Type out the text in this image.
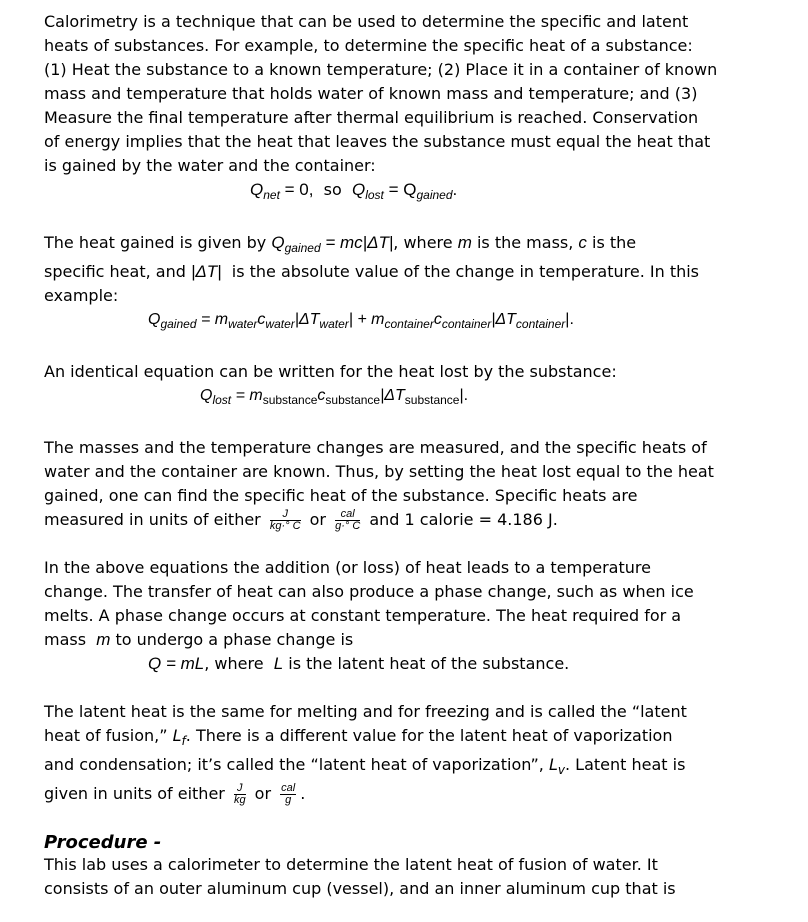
Calorimetry is a technique that can be used to determine the specific and latent

heats of substances. For example, to determine the specific heat of a substance:

(1) Heat the substance to a known temperature; (2) Place it in a container of known

mass and temperature that holds water of known mass and temperature; and (3)

Measure the final temperature after thermal equilibrium is reached. Conservation

of energy implies that the heat that leaves the substance must equal the heat that

is gained by the water and the container:

$Q_{net} = 0$,  so  $Q_{lost} = Q_{gained}$.

The heat gained is given by $Q_{gained} = mc|\Delta T|$, where m is the mass, c is the

specific heat, and |ΔT|  is the absolute value of the change in temperature. In this

example:

$Q_{gained} = m_{water}c_{water}|\Delta T_{water}| + m_{container}c_{container}|\Delta T_{container}|$.

An identical equation can be written for the heat lost by the substance:

$Q_{lost} = m_{substance}c_{substance}|\Delta T_{substance}|$.

The masses and the temperature changes are measured, and the specific heats of

water and the container are known. Thus, by setting the heat lost equal to the heat

gained, one can find the specific heat of the substance. Specific heats are

measured in units of either $\frac{J}{kg\cdot^\circ C}$ or $\frac{\text{cal}}{g\cdot^\circ C}$ and 1 calorie = 4.186 J.

In the above equations the addition (or loss) of heat leads to a temperature

change. The transfer of heat can also produce a phase change, such as when ice

melts. A phase change occurs at constant temperature. The heat required for a

mass  m to undergo a phase change is

Q = mL, where  L is the latent heat of the substance.

The latent heat is the same for melting and for freezing and is called the “latent

heat of fusion,” $L_f$. There is a different value for the latent heat of vaporization

and condensation; it’s called the “latent heat of vaporization”, $L_v$. Latent heat is

given in units of either $\frac{J}{kg}$ or $\frac{\text{cal}}{g}$ .

Procedure -

This lab uses a calorimeter to determine the latent heat of fusion of water. It

consists of an outer aluminum cup (vessel), and an inner aluminum cup that is
